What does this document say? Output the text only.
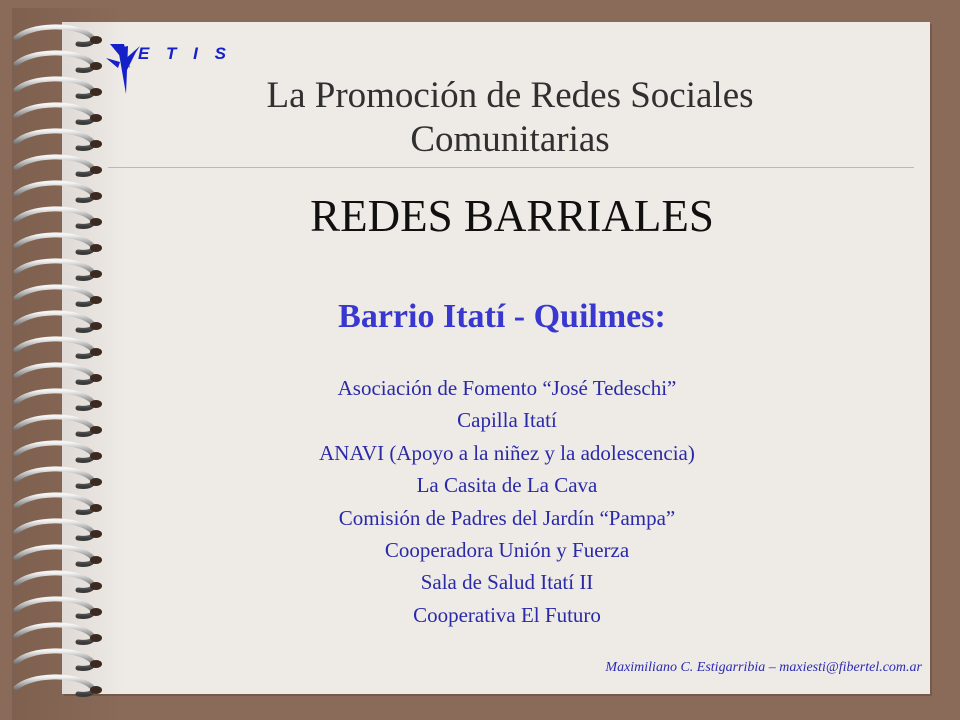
E T I S
La Promoción de Redes Sociales
Comunitarias
REDES BARRIALES
Barrio Itatí - Quilmes:
Asociación de Fomento “José Tedeschi”
Capilla Itatí
ANAVI (Apoyo a la niñez y la adolescencia)
La Casita de La Cava
Comisión de Padres del Jardín “Pampa”
Cooperadora Unión y Fuerza
Sala de Salud Itatí II
Cooperativa El Futuro
Maximiliano C. Estigarribia – maxiesti@fibertel.com.ar
